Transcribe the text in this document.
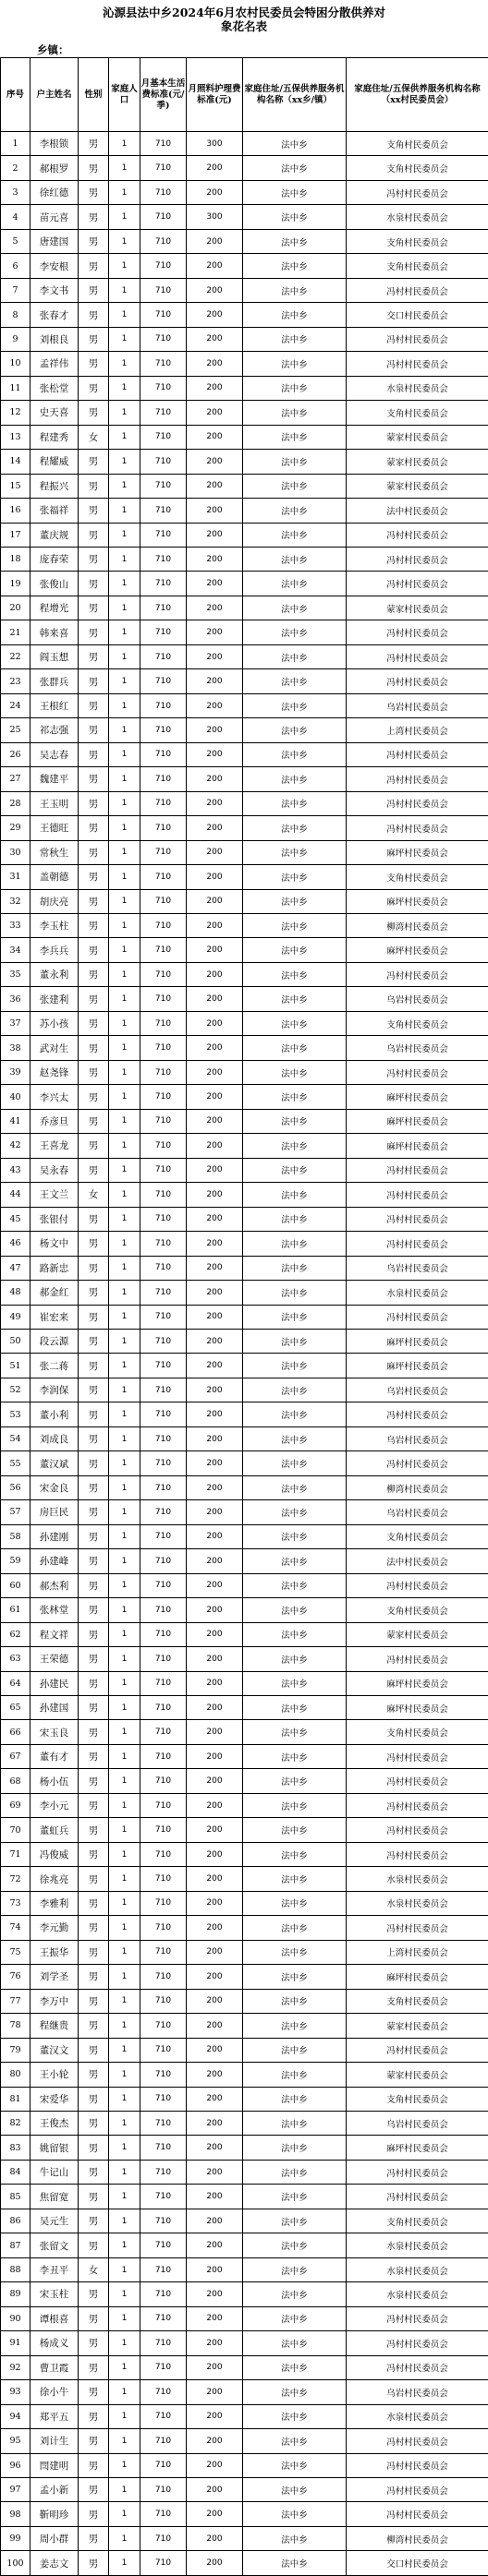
沁源县法中乡2024年6月农村民委员会特困分散供养对
象花名表
乡镇：
序号	户主姓名	性别	家庭人口	月基本生活费标准(元/季)	月照料护理费标准(元)	家庭住址/五保供养服务机构名称（xx乡/镇）	家庭住址/五保供养服务机构名称（xx村民委员会）
1	李根锁	男	1	710	300	法中乡	支角村民委员会
2	郝根罗	男	1	710	200	法中乡	支角村民委员会
3	徐红德	男	1	710	200	法中乡	冯村村民委员会
4	苗元喜	男	1	710	300	法中乡	水泉村民委员会
5	唐建国	男	1	710	200	法中乡	支角村民委员会
6	李安根	男	1	710	200	法中乡	支角村民委员会
7	李文书	男	1	710	200	法中乡	冯村村民委员会
8	张春才	男	1	710	200	法中乡	交口村民委员会
9	刘根良	男	1	710	200	法中乡	冯村村民委员会
10	孟祥伟	男	1	710	200	法中乡	冯村村民委员会
11	张松堂	男	1	710	200	法中乡	水泉村民委员会
12	史天喜	男	1	710	200	法中乡	支角村民委员会
13	程建秀	女	1	710	200	法中乡	蒙家村民委员会
14	程耀威	男	1	710	200	法中乡	蒙家村民委员会
15	程振兴	男	1	710	200	法中乡	蒙家村民委员会
16	张福祥	男	1	710	200	法中乡	法中村民委员会
17	董庆规	男	1	710	200	法中乡	冯村村民委员会
18	庞春荣	男	1	710	200	法中乡	冯村村民委员会
19	张俊山	男	1	710	200	法中乡	冯村村民委员会
20	程增光	男	1	710	200	法中乡	蒙家村民委员会
21	韩来喜	男	1	710	200	法中乡	冯村村民委员会
22	阎玉想	男	1	710	200	法中乡	冯村村民委员会
23	张群兵	男	1	710	200	法中乡	冯村村民委员会
24	王根红	男	1	710	200	法中乡	乌岩村民委员会
25	祁志强	男	1	710	200	法中乡	上湾村民委员会
26	吴志春	男	1	710	200	法中乡	冯村村民委员会
27	魏建平	男	1	710	200	法中乡	冯村村民委员会
28	王玉明	男	1	710	200	法中乡	冯村村民委员会
29	王德旺	男	1	710	200	法中乡	冯村村民委员会
30	常秋生	男	1	710	200	法中乡	麻坪村民委员会
31	盖朝德	男	1	710	200	法中乡	支角村民委员会
32	胡庆亮	男	1	710	200	法中乡	麻坪村民委员会
33	李玉柱	男	1	710	200	法中乡	柳湾村民委员会
34	李兵兵	男	1	710	200	法中乡	麻坪村民委员会
35	董永利	男	1	710	200	法中乡	冯村村民委员会
36	张建利	男	1	710	200	法中乡	乌岩村民委员会
37	苏小孩	男	1	710	200	法中乡	支角村民委员会
38	武对生	男	1	710	200	法中乡	乌岩村民委员会
39	赵尧锋	男	1	710	200	法中乡	冯村村民委员会
40	李兴太	男	1	710	200	法中乡	麻坪村民委员会
41	乔彦旦	男	1	710	200	法中乡	麻坪村民委员会
42	王喜龙	男	1	710	200	法中乡	麻坪村民委员会
43	吴永春	男	1	710	200	法中乡	冯村村民委员会
44	王文兰	女	1	710	200	法中乡	冯村村民委员会
45	张银付	男	1	710	200	法中乡	冯村村民委员会
46	杨文中	男	1	710	200	法中乡	冯村村民委员会
47	路新忠	男	1	710	200	法中乡	乌岩村民委员会
48	郝金红	男	1	710	200	法中乡	水泉村民委员会
49	崔宏来	男	1	710	200	法中乡	冯村村民委员会
50	段云源	男	1	710	200	法中乡	麻坪村民委员会
51	张二蒋	男	1	710	200	法中乡	麻坪村民委员会
52	李润保	男	1	710	200	法中乡	乌岩村民委员会
53	董小利	男	1	710	200	法中乡	冯村村民委员会
54	刘成良	男	1	710	200	法中乡	乌岩村民委员会
55	董汉斌	男	1	710	200	法中乡	冯村村民委员会
56	宋金良	男	1	710	200	法中乡	柳湾村民委员会
57	房巨民	男	1	710	200	法中乡	乌岩村民委员会
58	孙建刚	男	1	710	200	法中乡	支角村民委员会
59	孙建峰	男	1	710	200	法中乡	法中村民委员会
60	郝杰利	男	1	710	200	法中乡	冯村村民委员会
61	张林堂	男	1	710	200	法中乡	支角村民委员会
62	程文祥	男	1	710	200	法中乡	蒙家村民委员会
63	王荣德	男	1	710	200	法中乡	冯村村民委员会
64	孙建民	男	1	710	200	法中乡	麻坪村民委员会
65	孙建国	男	1	710	200	法中乡	麻坪村民委员会
66	宋玉良	男	1	710	200	法中乡	支角村民委员会
67	董有才	男	1	710	200	法中乡	冯村村民委员会
68	杨小伍	男	1	710	200	法中乡	冯村村民委员会
69	李小元	男	1	710	200	法中乡	冯村村民委员会
70	董虹兵	男	1	710	200	法中乡	冯村村民委员会
71	冯俊威	男	1	710	200	法中乡	冯村村民委员会
72	徐兆亮	男	1	710	200	法中乡	水泉村民委员会
73	李雅利	男	1	710	200	法中乡	水泉村民委员会
74	李元勤	男	1	710	200	法中乡	冯村村民委员会
75	王振华	男	1	710	200	法中乡	上湾村民委员会
76	刘学圣	男	1	710	200	法中乡	麻坪村民委员会
77	李万中	男	1	710	200	法中乡	支角村民委员会
78	程继贵	男	1	710	200	法中乡	蒙家村民委员会
79	董汉文	男	1	710	200	法中乡	冯村村民委员会
80	王小轮	男	1	710	200	法中乡	蒙家村民委员会
81	宋爱华	男	1	710	200	法中乡	支角村民委员会
82	王俊杰	男	1	710	200	法中乡	乌岩村民委员会
83	姚留银	男	1	710	200	法中乡	麻坪村民委员会
84	牛记山	男	1	710	200	法中乡	冯村村民委员会
85	焦留宽	男	1	710	200	法中乡	冯村村民委员会
86	吴元生	男	1	710	200	法中乡	支角村民委员会
87	张留文	男	1	710	200	法中乡	水泉村民委员会
88	李丑平	女	1	710	200	法中乡	水泉村民委员会
89	宋玉柱	男	1	710	200	法中乡	水泉村民委员会
90	谭根喜	男	1	710	200	法中乡	冯村村民委员会
91	杨成义	男	1	710	200	法中乡	冯村村民委员会
92	曹卫霞	男	1	710	200	法中乡	冯村村民委员会
93	徐小牛	男	1	710	200	法中乡	乌岩村民委员会
94	郑平五	男	1	710	200	法中乡	水泉村民委员会
95	刘计生	男	1	710	200	法中乡	冯村村民委员会
96	閆建明	男	1	710	200	法中乡	冯村村民委员会
97	孟小新	男	1	710	200	法中乡	冯村村民委员会
98	靳明珍	男	1	710	200	法中乡	冯村村民委员会
99	周小群	男	1	710	200	法中乡	柳湾村民委员会
100	姜志文	男	1	710	200	法中乡	交口村民委员会
